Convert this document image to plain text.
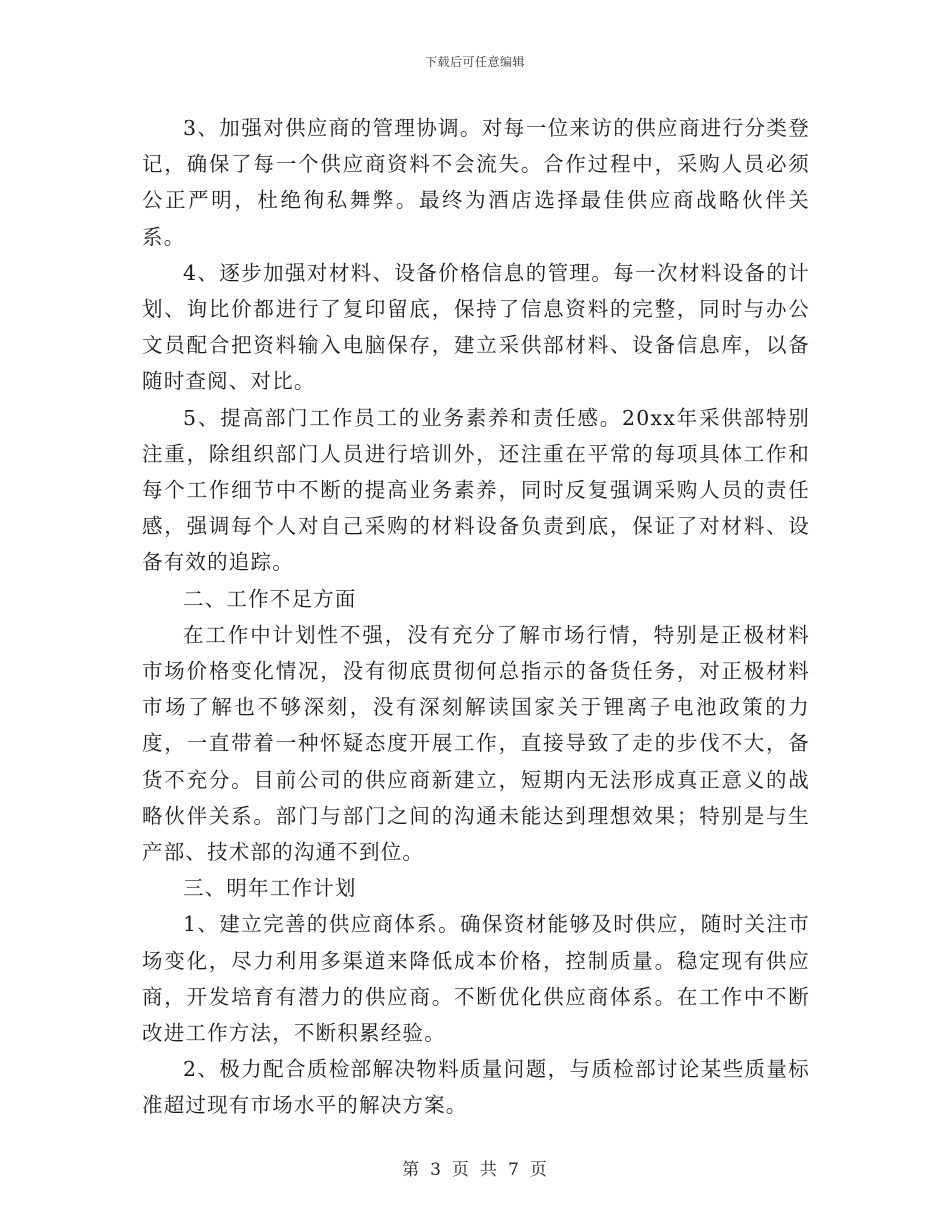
下载后可任意编辑

3、加强对供应商的管理协调。对每一位来访的供应商进行分类登记，确保了每一个供应商资料不会流失。合作过程中，采购人员必须公正严明，杜绝徇私舞弊。最终为酒店选择最佳供应商战略伙伴关系。

4、逐步加强对材料、设备价格信息的管理。每一次材料设备的计划、询比价都进行了复印留底，保持了信息资料的完整，同时与办公文员配合把资料输入电脑保存，建立采供部材料、设备信息库，以备随时查阅、对比。

5、提高部门工作员工的业务素养和责任感。20xx年采供部特别注重，除组织部门人员进行培训外，还注重在平常的每项具体工作和每个工作细节中不断的提高业务素养，同时反复强调采购人员的责任感，强调每个人对自己采购的材料设备负责到底，保证了对材料、设备有效的追踪。

二、工作不足方面

在工作中计划性不强，没有充分了解市场行情，特别是正极材料市场价格变化情况，没有彻底贯彻何总指示的备货任务，对正极材料市场了解也不够深刻，没有深刻解读国家关于锂离子电池政策的力度，一直带着一种怀疑态度开展工作，直接导致了走的步伐不大，备货不充分。目前公司的供应商新建立，短期内无法形成真正意义的战略伙伴关系。部门与部门之间的沟通未能达到理想效果；特别是与生产部、技术部的沟通不到位。

三、明年工作计划

1、建立完善的供应商体系。确保资材能够及时供应，随时关注市场变化，尽力利用多渠道来降低成本价格，控制质量。稳定现有供应商，开发培育有潜力的供应商。不断优化供应商体系。在工作中不断改进工作方法，不断积累经验。

2、极力配合质检部解决物料质量问题，与质检部讨论某些质量标准超过现有市场水平的解决方案。

第 3 页 共 7 页
